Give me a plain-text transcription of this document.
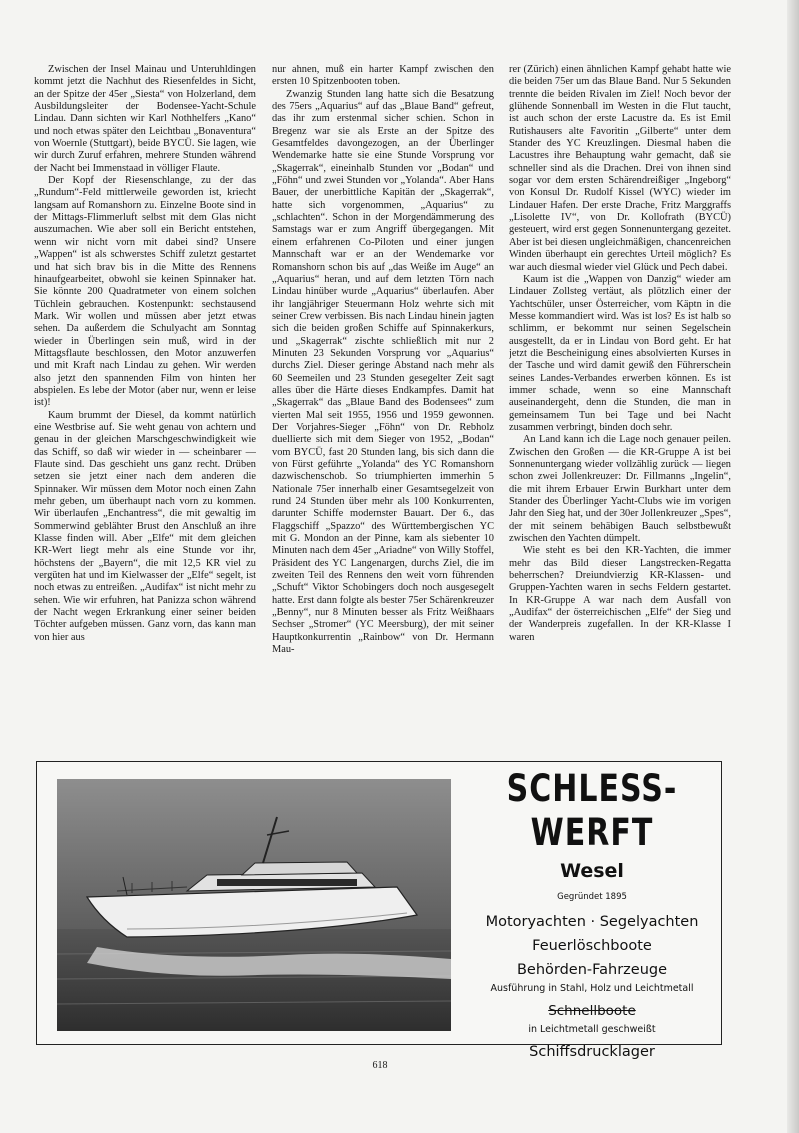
Zwischen der Insel Mainau und Unteruhldingen kommt jetzt die Nachhut des Riesenfeldes in Sicht, an der Spitze der 45er „Siesta“ von Holzerland, dem Ausbildungsleiter der Bodensee-Yacht-Schule Lindau. Dann sichten wir Karl Nothhelfers „Kano“ und noch etwas später den Leichtbau „Bonaventura“ von Woernle (Stuttgart), beide BYCÜ. Sie lagen, wie wir durch Zuruf erfahren, mehrere Stunden während der Nacht bei Immenstaad in völliger Flaute.

Der Kopf der Riesenschlange, zu der das „Rundum“-Feld mittlerweile geworden ist, kriecht langsam auf Romanshorn zu. Einzelne Boote sind in der Mittags-Flimmerluft selbst mit dem Glas nicht auszumachen. Wie aber soll ein Bericht entstehen, wenn wir nicht vorn mit dabei sind? Unsere „Wappen“ ist als schwerstes Schiff zuletzt gestartet und hat sich brav bis in die Mitte des Rennens hinaufgearbeitet, obwohl sie keinen Spinnaker hat. Sie könnte 200 Quadratmeter von einem solchen Tüchlein gebrauchen. Kostenpunkt: sechstausend Mark. Wir wollen und müssen aber jetzt etwas sehen. Da außerdem die Schulyacht am Sonntag wieder in Überlingen sein muß, wird in der Mittagsflaute beschlossen, den Motor anzuwerfen und mit Kraft nach Lindau zu gehen. Wir werden also jetzt den spannenden Film von hinten her abspielen. Es lebe der Motor (aber nur, wenn er leise ist)!

Kaum brummt der Diesel, da kommt natürlich eine Westbrise auf. Sie weht genau von achtern und genau in der gleichen Marschgeschwindigkeit wie das Schiff, so daß wir wieder in — scheinbarer — Flaute sind. Das geschieht uns ganz recht. Drüben setzen sie jetzt einer nach dem anderen die Spinnaker. Wir müssen dem Motor noch einen Zahn mehr geben, um überhaupt nach vorn zu kommen. Wir überlaufen „Enchantress“, die mit gewaltig im Sommerwind geblähter Brust den Anschluß an ihre Klasse finden will. Aber „Elfe“ mit dem gleichen KR-Wert liegt mehr als eine Stunde vor ihr, höchstens der „Bayern“, die mit 12,5 KR viel zu vergüten hat und im Kielwasser der „Elfe“ segelt, ist noch etwas zu entreißen. „Audifax“ ist nicht mehr zu sehen. Wie wir erfuhren, hat Panizza schon während der Nacht wegen Erkrankung einer seiner beiden Töchter aufgeben müssen. Ganz vorn, das kann man von hier aus

nur ahnen, muß ein harter Kampf zwischen den ersten 10 Spitzenbooten toben.

Zwanzig Stunden lang hatte sich die Besatzung des 75ers „Aquarius“ auf das „Blaue Band“ gefreut, das ihr zum erstenmal sicher schien. Schon in Bregenz war sie als Erste an der Spitze des Gesamtfeldes davongezogen, an der Überlinger Wendemarke hatte sie eine Stunde Vorsprung vor „Skagerrak“, eineinhalb Stunden vor „Bodan“ und „Föhn“ und zwei Stunden vor „Yolanda“. Aber Hans Bauer, der unerbittliche Kapitän der „Skagerrak“, hatte sich vorgenommen, „Aquarius“ zu „schlachten“. Schon in der Morgendämmerung des Samstags war er zum Angriff übergegangen. Mit einem erfahrenen Co-Piloten und einer jungen Mannschaft war er an der Wendemarke vor Romanshorn schon bis auf „das Weiße im Auge“ an „Aquarius“ heran, und auf dem letzten Törn nach Lindau hinüber wurde „Aquarius“ überlaufen. Aber ihr langjähriger Steuermann Holz wehrte sich mit seiner Crew verbissen. Bis nach Lindau hinein jagten sich die beiden großen Schiffe auf Spinnakerkurs, und „Skagerrak“ zischte schließlich mit nur 2 Minuten 23 Sekunden Vorsprung vor „Aquarius“ durchs Ziel. Dieser geringe Abstand nach mehr als 60 Seemeilen und 23 Stunden gesegelter Zeit sagt alles über die Härte dieses Endkampfes. Damit hat „Skagerrak“ das „Blaue Band des Bodensees“ zum vierten Mal seit 1955, 1956 und 1959 gewonnen. Der Vorjahres-Sieger „Föhn“ von Dr. Rebholz duellierte sich mit dem Sieger von 1952, „Bodan“ vom BYCÜ, fast 20 Stunden lang, bis sich dann die von Fürst geführte „Yolanda“ des YC Romanshorn dazwischenschob. So triumphierten immerhin 5 Nationale 75er innerhalb einer Gesamtsegelzeit von rund 24 Stunden über mehr als 100 Konkurrenten, darunter Schiffe modernster Bauart. Der 6., das Flaggschiff „Spazzo“ des Württembergischen YC mit G. Mondon an der Pinne, kam als siebenter 10 Minuten nach dem 45er „Ariadne“ von Willy Stoffel, Präsident des YC Langenargen, durchs Ziel, die im zweiten Teil des Rennens den weit vorn führenden „Schuft“ Viktor Schobingers doch noch ausgesegelt hatte. Erst dann folgte als bester 75er Schärenkreuzer „Benny“, nur 8 Minuten besser als Fritz Weißhaars Sechser „Stromer“ (YC Meersburg), der mit seiner Hauptkonkurrentin „Rainbow“ von Dr. Hermann Mau-

rer (Zürich) einen ähnlichen Kampf gehabt hatte wie die beiden 75er um das Blaue Band. Nur 5 Sekunden trennte die beiden Rivalen im Ziel! Noch bevor der glühende Sonnenball im Westen in die Flut taucht, ist auch schon der erste Lacustre da. Es ist Emil Rutishausers alte Favoritin „Gilberte“ unter dem Stander des YC Kreuzlingen. Diesmal haben die Lacustres ihre Behauptung wahr gemacht, daß sie schneller sind als die Drachen. Drei von ihnen sind sogar vor dem ersten Schärendreißiger „Ingeborg“ von Konsul Dr. Rudolf Kissel (WYC) wieder im Lindauer Hafen. Der erste Drache, Fritz Marggraffs „Lisolette IV“, von Dr. Kollofrath (BYCÜ) gesteuert, wird erst gegen Sonnenuntergang gezeitet. Aber ist bei diesen ungleichmäßigen, chancenreichen Winden überhaupt ein gerechtes Urteil möglich? Es war auch diesmal wieder viel Glück und Pech dabei.

Kaum ist die „Wappen von Danzig“ wieder am Lindauer Zollsteg vertäut, als plötzlich einer der Yachtschüler, unser Österreicher, vom Käptn in die Messe kommandiert wird. Was ist los? Es ist halb so schlimm, er bekommt nur seinen Segelschein ausgestellt, da er in Lindau von Bord geht. Er hat jetzt die Bescheinigung eines absolvierten Kurses in der Tasche und wird damit gewiß den Führerschein seines Landes-Verbandes erwerben können. Es ist immer schade, wenn so eine Mannschaft auseinandergeht, denn die Stunden, die man in gemeinsamem Tun bei Tage und bei Nacht zusammen verbringt, binden doch sehr.

An Land kann ich die Lage noch genauer peilen. Zwischen den Großen — die KR-Gruppe A ist bei Sonnenuntergang wieder vollzählig zurück — liegen schon zwei Jollenkreuzer: Dr. Fillmanns „Ingelin“, die mit ihrem Erbauer Erwin Burkhart unter dem Stander des Überlinger Yacht-Clubs wie im vorigen Jahr den Sieg hat, und der 30er Jollenkreuzer „Spes“, der mit seinem behäbigen Bauch selbstbewußt zwischen den Yachten dümpelt.

Wie steht es bei den KR-Yachten, die immer mehr das Bild dieser Langstrecken-Regatta beherrschen? Dreiundvierzig KR-Klassen- und Gruppen-Yachten waren in sechs Feldern gestartet. In KR-Gruppe A war nach dem Ausfall von „Audifax“ der österreichischen „Elfe“ der Sieg und der Wanderpreis zugefallen. In der KR-Klasse I waren

SCHLESS-WERFT
Wesel
Gegründet 1895
Motoryachten · Segelyachten
Feuerlöschboote
Behörden-Fahrzeuge
Ausführung in Stahl, Holz und Leichtmetall
Schnellboote
in Leichtmetall geschweißt
Schiffsdrucklager
618
